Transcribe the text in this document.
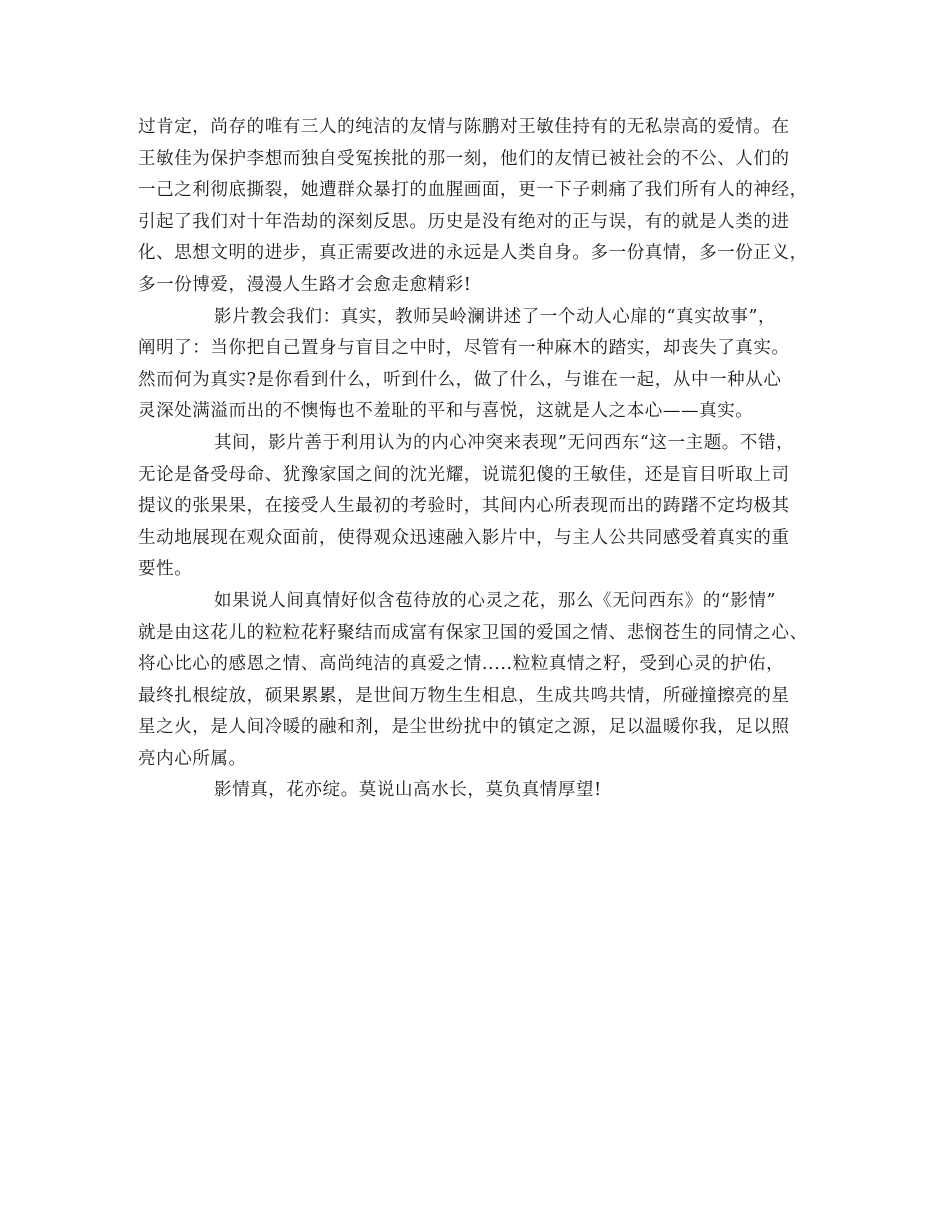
过肯定，尚存的唯有三人的纯洁的友情与陈鹏对王敏佳持有的无私崇高的爱情。在
王敏佳为保护李想而独自受冤挨批的那一刻，他们的友情已被社会的不公、人们的
一己之利彻底撕裂，她遭群众暴打的血腥画面，更一下子刺痛了我们所有人的神经，
引起了我们对十年浩劫的深刻反思。历史是没有绝对的正与误，有的就是人类的进
化、思想文明的进步，真正需要改进的永远是人类自身。多一份真情，多一份正义，
多一份博爱，漫漫人生路才会愈走愈精彩!
影片教会我们：真实，教师吴岭澜讲述了一个动人心扉的“真实故事”，
阐明了：当你把自己置身与盲目之中时，尽管有一种麻木的踏实，却丧失了真实。
然而何为真实?是你看到什么，听到什么，做了什么，与谁在一起，从中一种从心
灵深处满溢而出的不懊悔也不羞耻的平和与喜悦，这就是人之本心——真实。
其间，影片善于利用认为的内心冲突来表现”无问西东“这一主题。不错，
无论是备受母命、犹豫家国之间的沈光耀，说谎犯傻的王敏佳，还是盲目听取上司
提议的张果果，在接受人生最初的考验时，其间内心所表现而出的踌躇不定均极其
生动地展现在观众面前，使得观众迅速融入影片中，与主人公共同感受着真实的重
要性。
如果说人间真情好似含苞待放的心灵之花，那么《无问西东》的“影情”
就是由这花儿的粒粒花籽聚结而成富有保家卫国的爱国之情、悲悯苍生的同情之心、
将心比心的感恩之情、高尚纯洁的真爱之情.....粒粒真情之籽，受到心灵的护佑，
最终扎根绽放，硕果累累，是世间万物生生相息，生成共鸣共情，所碰撞擦亮的星
星之火，是人间冷暖的融和剂，是尘世纷扰中的镇定之源，足以温暖你我，足以照
亮内心所属。
影情真，花亦绽。莫说山高水长，莫负真情厚望!
